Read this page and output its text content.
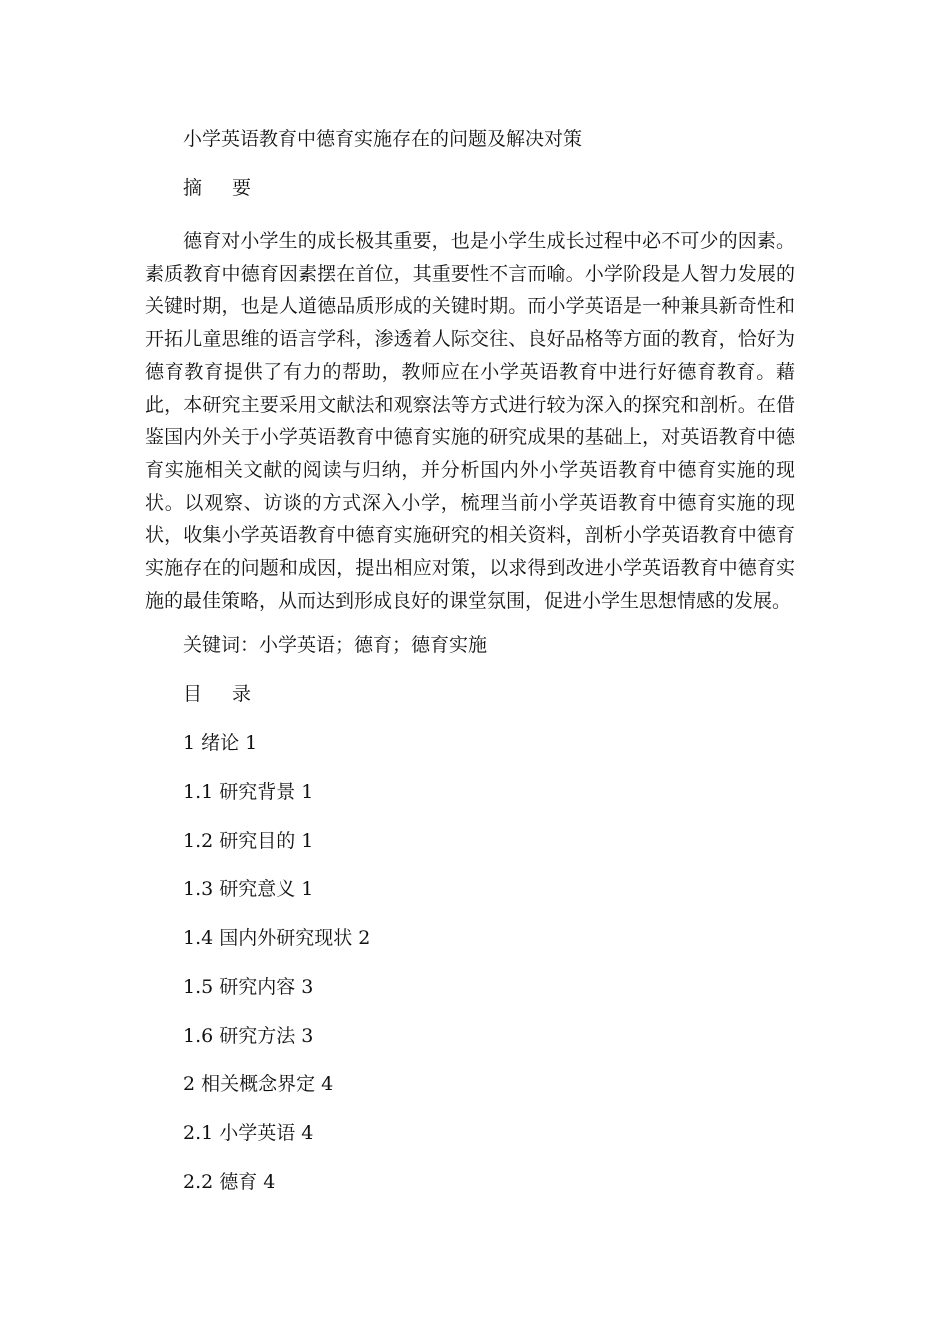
小学英语教育中德育实施存在的问题及解决对策
摘 要

德育对小学生的成长极其重要，也是小学生成长过程中必不可少的因素。素质教育中德育因素摆在首位，其重要性不言而喻。小学阶段是人智力发展的关键时期，也是人道德品质形成的关键时期。而小学英语是一种兼具新奇性和开拓儿童思维的语言学科，渗透着人际交往、良好品格等方面的教育，恰好为德育教育提供了有力的帮助，教师应在小学英语教育中进行好德育教育。藉此，本研究主要采用文献法和观察法等方式进行较为深入的探究和剖析。在借鉴国内外关于小学英语教育中德育实施的研究成果的基础上，对英语教育中德育实施相关文献的阅读与归纳，并分析国内外小学英语教育中德育实施的现状。以观察、访谈的方式深入小学，梳理当前小学英语教育中德育实施的现状，收集小学英语教育中德育实施研究的相关资料，剖析小学英语教育中德育实施存在的问题和成因，提出相应对策，以求得到改进小学英语教育中德育实施的最佳策略，从而达到形成良好的课堂氛围，促进小学生思想情感的发展。

关键词：小学英语；德育；德育实施
目 录
1 绪论 1
1.1 研究背景 1
1.2 研究目的 1
1.3 研究意义 1
1.4 国内外研究现状 2
1.5 研究内容 3
1.6 研究方法 3
2 相关概念界定 4
2.1 小学英语 4
2.2 德育 4
